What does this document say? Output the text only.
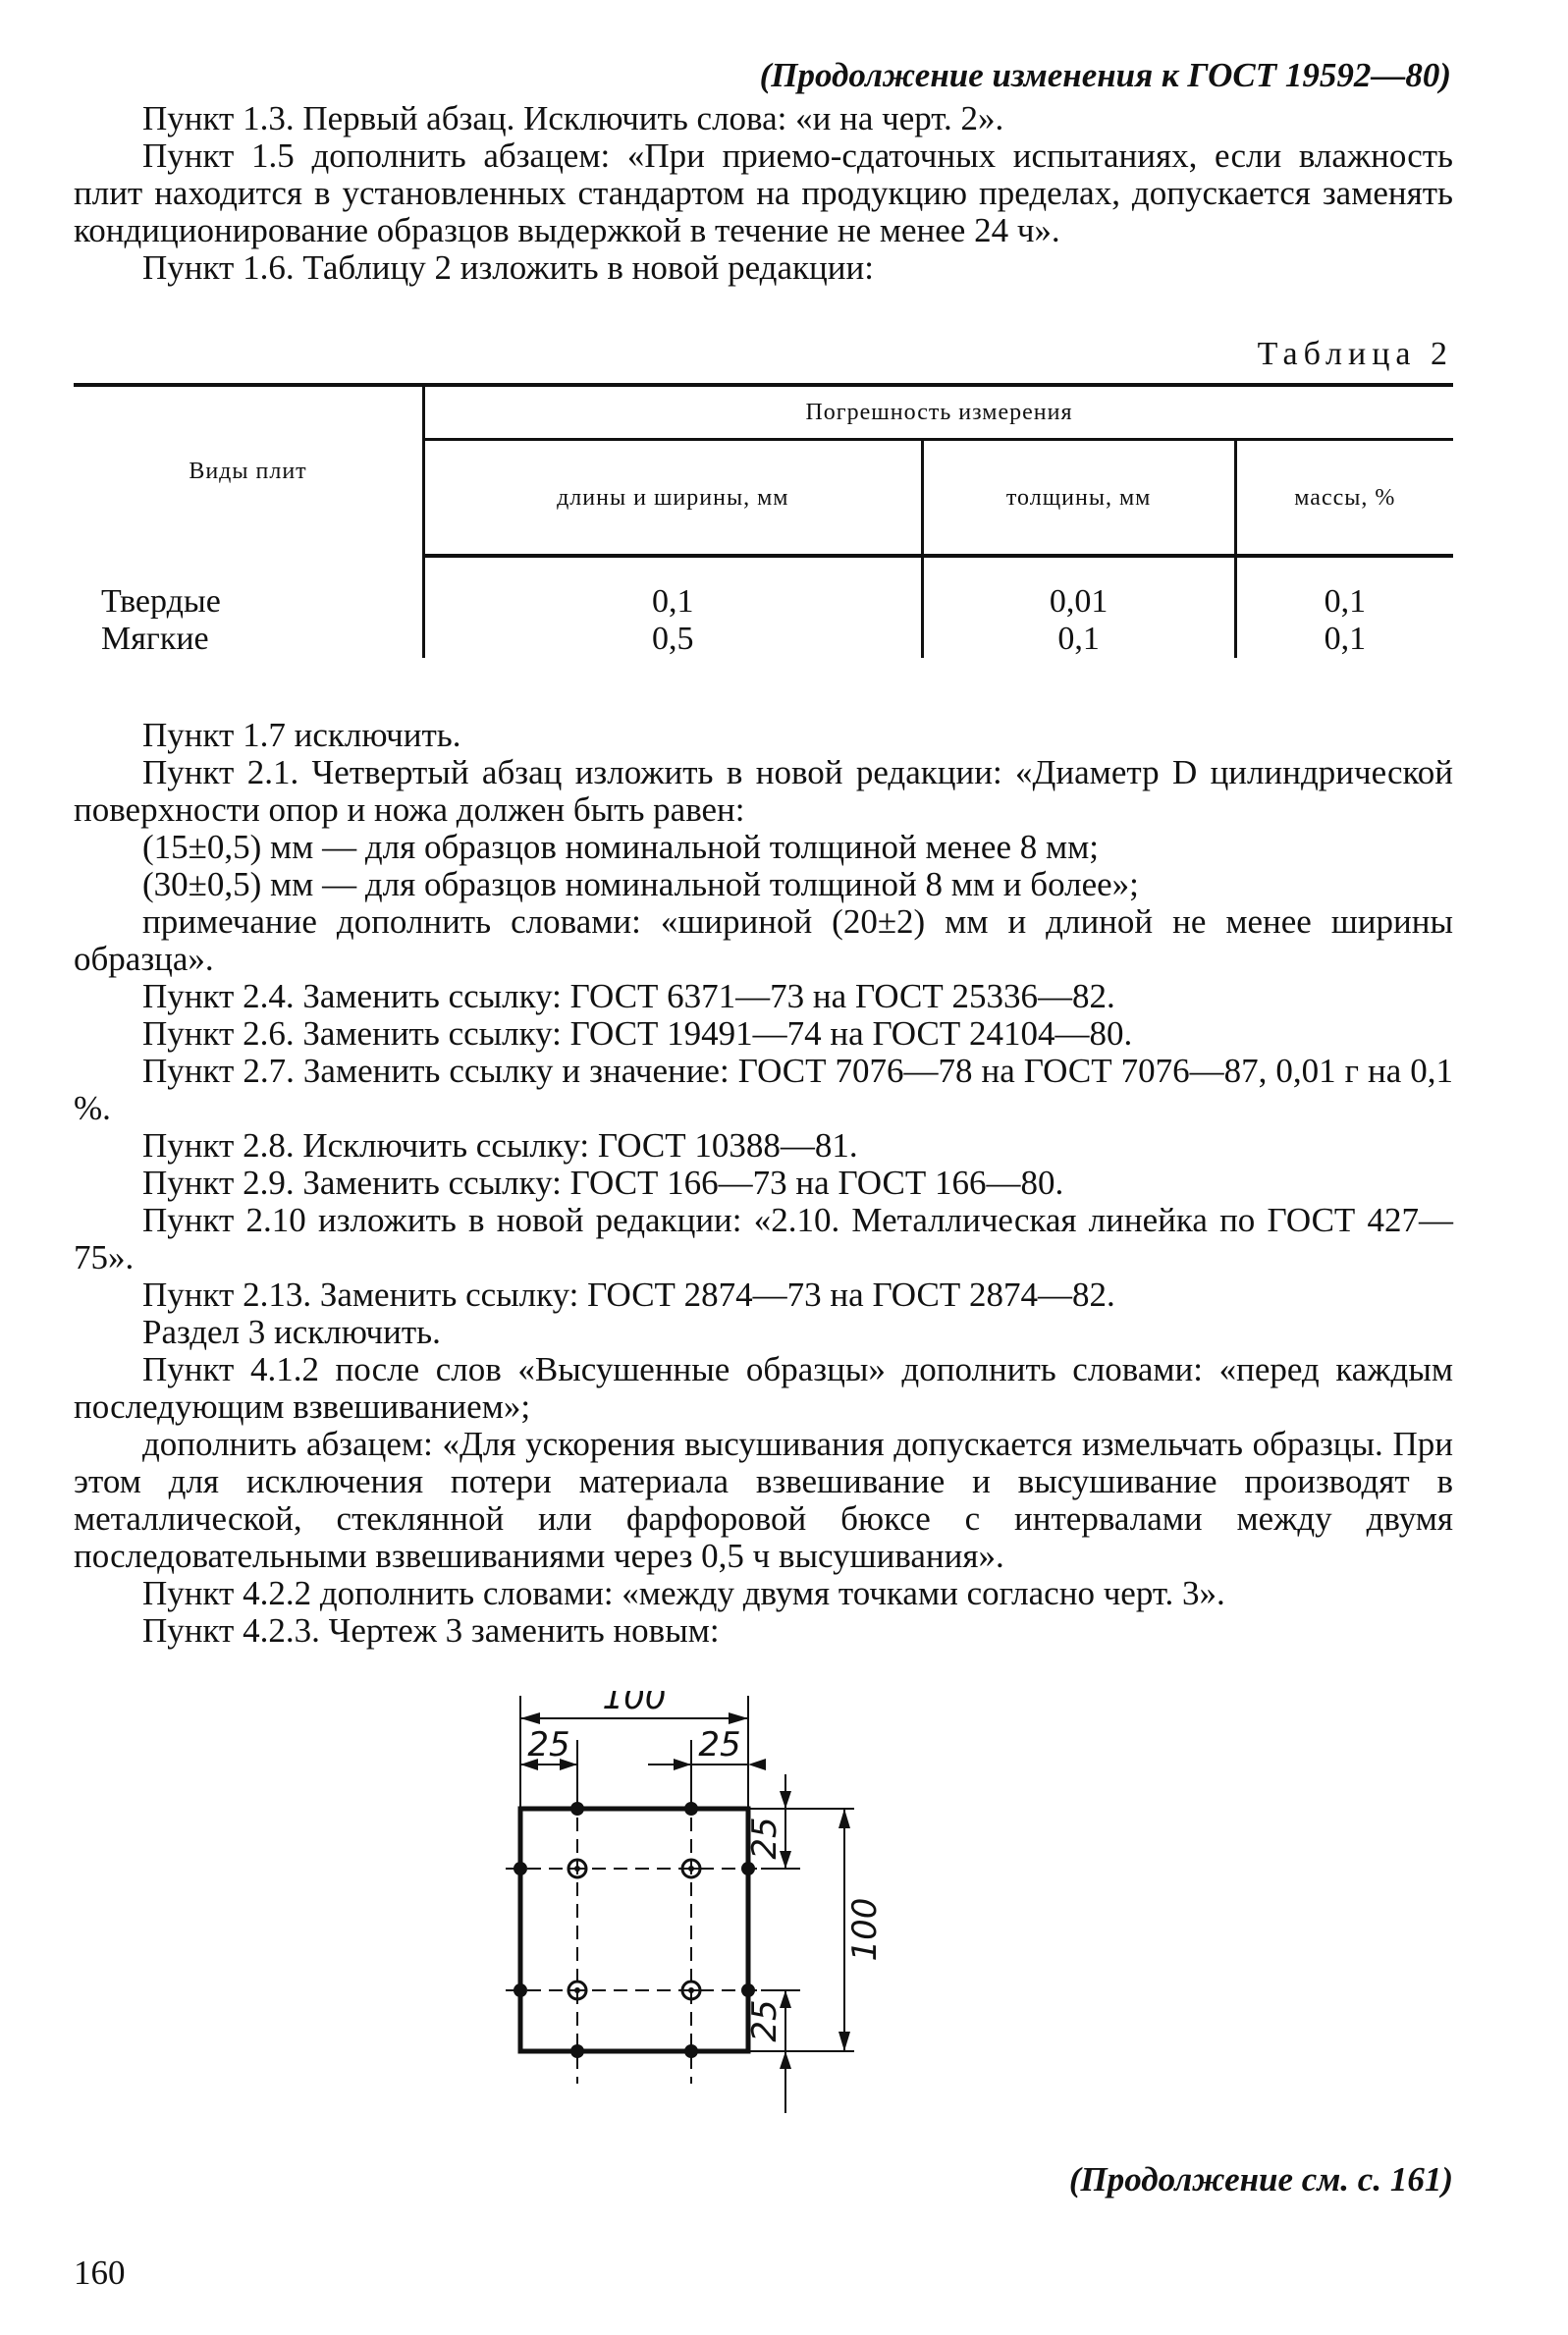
(Продолжение изменения к ГОСТ 19592—80)

Пункт 1.3. Первый абзац. Исключить слова: «и на черт. 2».

Пункт 1.5 дополнить абзацем: «При приемо-сдаточных испытаниях, если влажность плит находится в установленных стандартом на продукцию пределах, допускается заменять кондиционирование образцов выдержкой в течение не менее 24 ч».

Пункт 1.6. Таблицу 2 изложить в новой редакции:

Таблица 2
Виды плит	Погрешность измерения		
	длины и ширины, мм	толщины, мм	массы, %

Твердые	0,1	0,01	0,1
Мягкие	0,5	0,1	0,1

Пункт 1.7 исключить.

Пункт 2.1. Четвертый абзац изложить в новой редакции: «Диаметр D цилиндрической поверхности опор и ножа должен быть равен:

(15±0,5) мм — для образцов номинальной толщиной менее 8 мм;

(30±0,5) мм — для образцов номинальной толщиной 8 мм и более»;

примечание дополнить словами: «шириной (20±2) мм и длиной не менее ширины образца».

Пункт 2.4. Заменить ссылку: ГОСТ 6371—73 на ГОСТ 25336—82.

Пункт 2.6. Заменить ссылку: ГОСТ 19491—74 на ГОСТ 24104—80.

Пункт 2.7. Заменить ссылку и значение: ГОСТ 7076—78 на ГОСТ 7076—87, 0,01 г на 0,1 %.

Пункт 2.8. Исключить ссылку: ГОСТ 10388—81.

Пункт 2.9. Заменить ссылку: ГОСТ 166—73 на ГОСТ 166—80.

Пункт 2.10 изложить в новой редакции: «2.10. Металлическая линейка по ГОСТ 427—75».

Пункт 2.13. Заменить ссылку: ГОСТ 2874—73 на ГОСТ 2874—82.

Раздел 3 исключить.

Пункт 4.1.2 после слов «Высушенные образцы» дополнить словами: «перед каждым последующим взвешиванием»;

дополнить абзацем: «Для ускорения высушивания допускается измельчать образцы. При этом для исключения потери материала взвешивание и высушивание производят в металлической, стеклянной или фарфоровой бюксе с интервалами между двумя последовательными взвешиваниями через 0,5 ч высушивания».

Пункт 4.2.2 дополнить словами: «между двумя точками согласно черт. 3».

Пункт 4.2.3. Чертеж 3 заменить новым:

100
25	25
100
25
25
(Продолжение см. с. 161)
160
